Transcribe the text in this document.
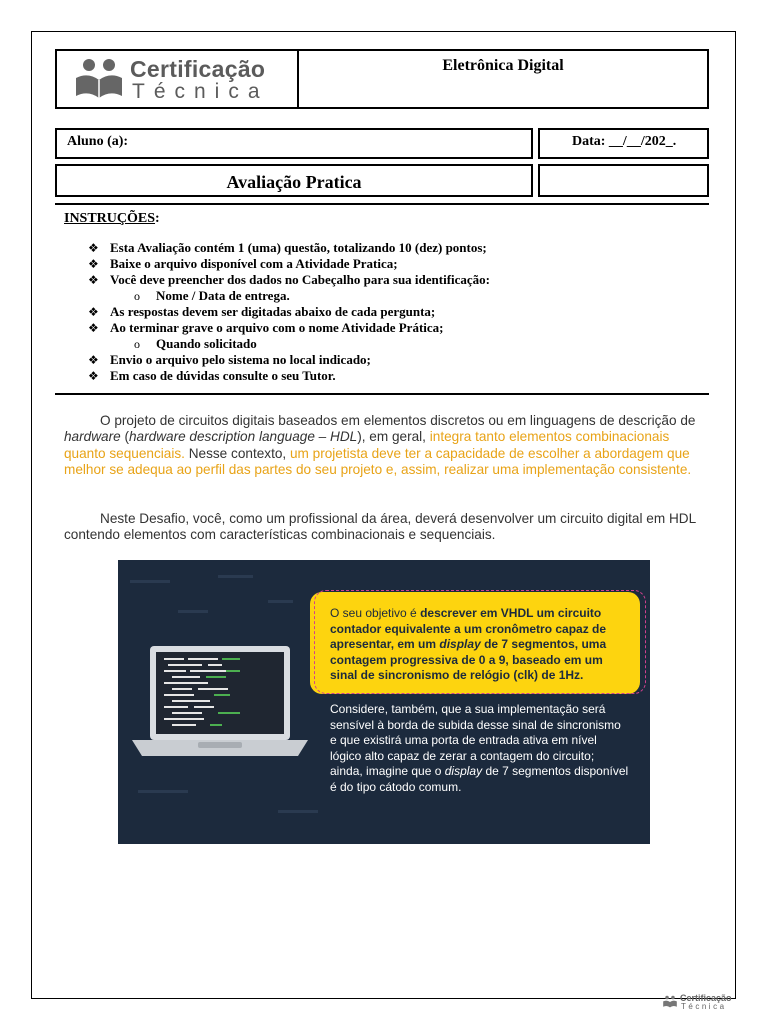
Certificação
Técnica
Eletrônica Digital
Aluno (a):	Data: __/__/202_.
Avaliação Pratica
INSTRUÇÕES:
❖ Esta Avaliação contém 1 (uma) questão, totalizando 10 (dez) pontos;
❖ Baixe o arquivo disponível com a Atividade Pratica;
❖ Você deve preencher dos dados no Cabeçalho para sua identificação:
o Nome / Data de entrega.
❖ As respostas devem ser digitadas abaixo de cada pergunta;
❖ Ao terminar grave o arquivo com o nome Atividade Prática;
o Quando solicitado
❖ Envio o arquivo pelo sistema no local indicado;
❖ Em caso de dúvidas consulte o seu Tutor.
O projeto de circuitos digitais baseados em elementos discretos ou em linguagens de descrição de hardware (hardware description language – HDL), em geral, integra tanto elementos combinacionais quanto sequenciais. Nesse contexto, um projetista deve ter a capacidade de escolher a abordagem que melhor se adequa ao perfil das partes do seu projeto e, assim, realizar uma implementação consistente.
Neste Desafio, você, como um profissional da área, deverá desenvolver um circuito digital em HDL contendo elementos com características combinacionais e sequenciais.
O seu objetivo é descrever em VHDL um circuito contador equivalente a um cronômetro capaz de apresentar, em um display de 7 segmentos, uma contagem progressiva de 0 a 9, baseado em um sinal de sincronismo de relógio (clk) de 1Hz.
Considere, também, que a sua implementação será sensível à borda de subida desse sinal de sincronismo e que existirá uma porta de entrada ativa em nível lógico alto capaz de zerar a contagem do circuito; ainda, imagine que o display de 7 segmentos disponível é do tipo cátodo comum.
Certificação
Técnica
